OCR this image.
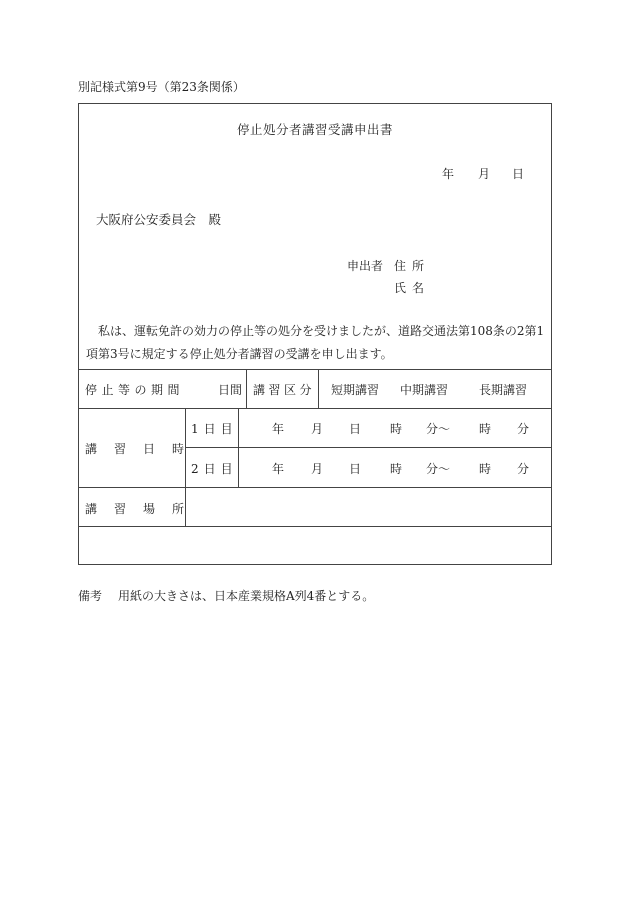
別記様式第9号（第23条関係）
停止処分者講習受講申出書
年 月 日
大阪府公安委員会　殿
申出者 住所
氏名
私は、運転免許の効力の停止等の処分を受けましたが、道路交通法第108条の2第1項第3号に規定する停止処分者講習の受講を申し出ます。
停止等の期間	日間 講習区分 短期講習 中期講習	長期講習
講習日時
1日目	年 月 日 時 分～ 時 分
2日目	年 月 日 時 分～ 時 分
講習場所
備考 用紙の大きさは、日本産業規格A列4番とする。
